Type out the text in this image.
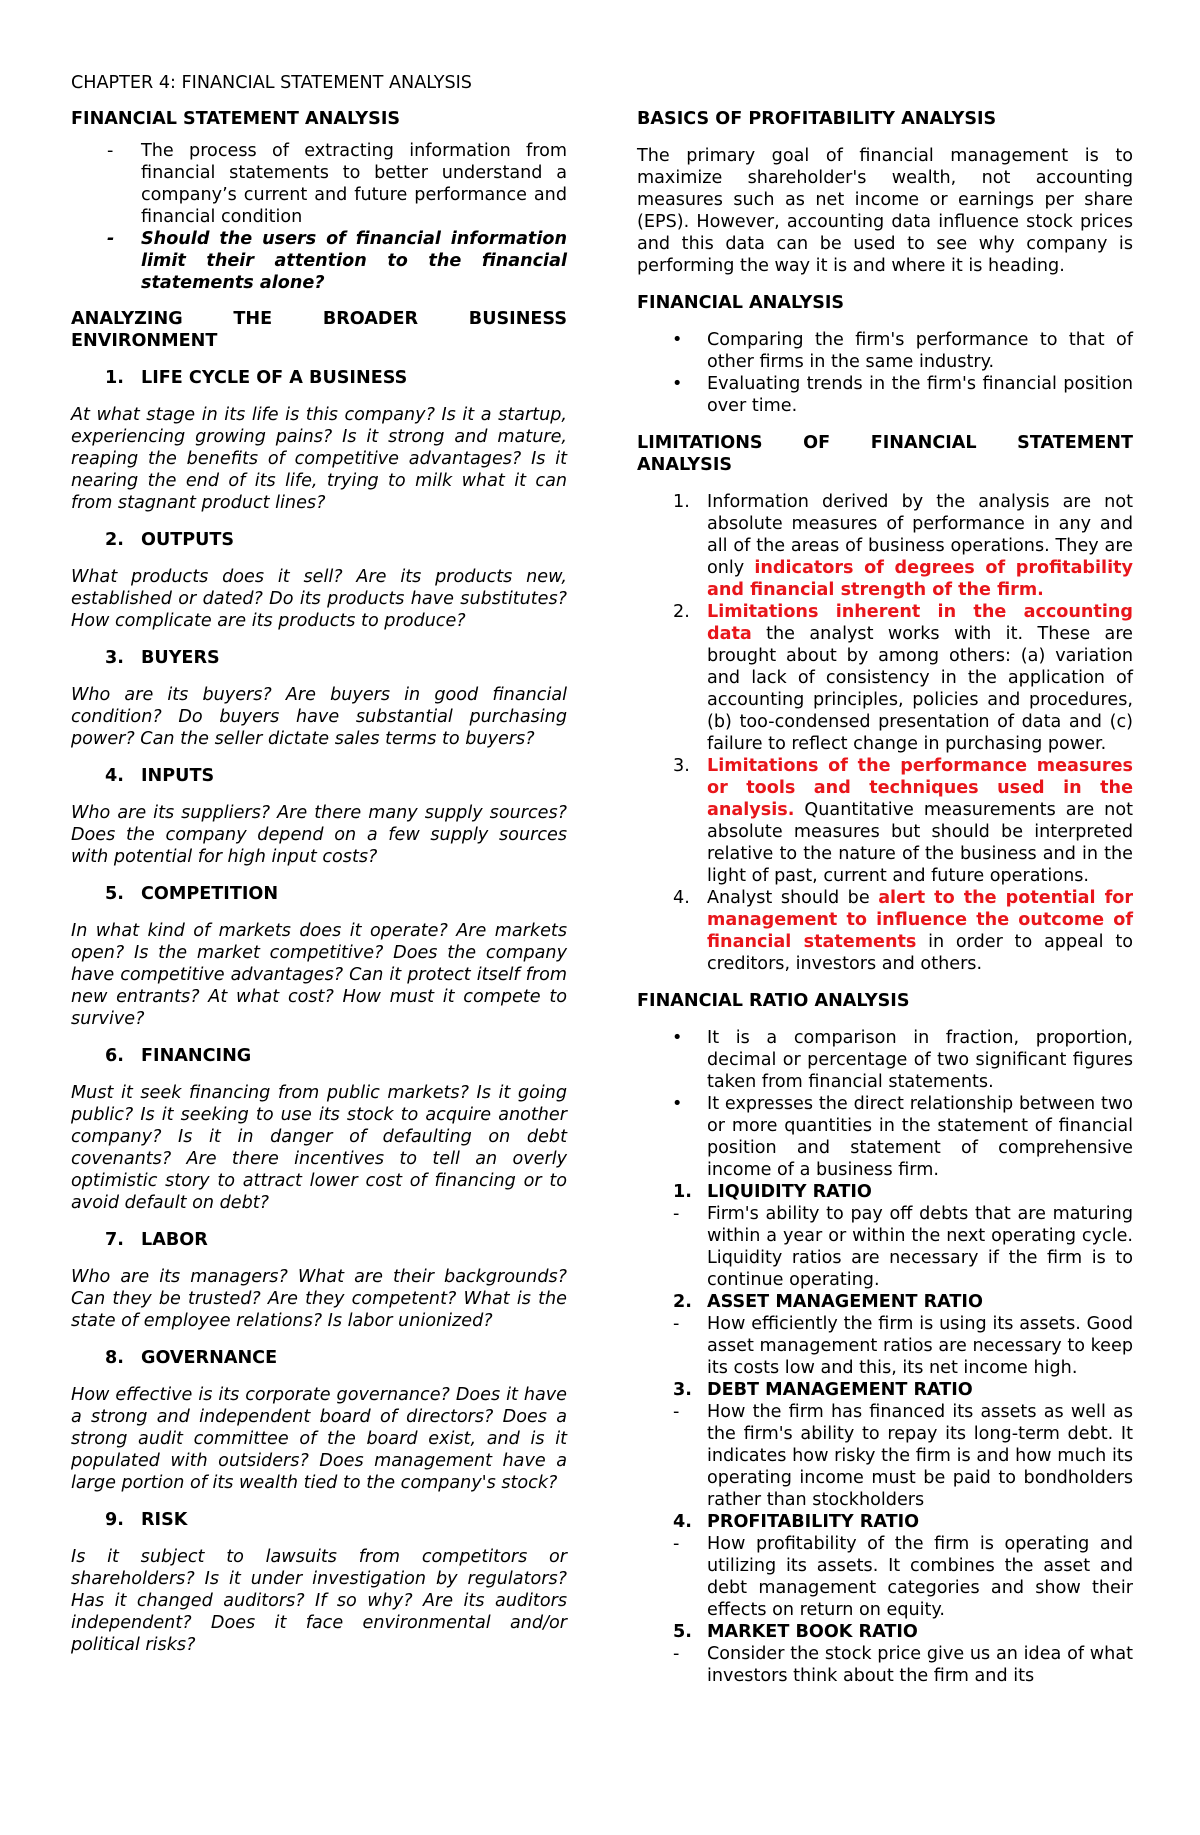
CHAPTER 4: FINANCIAL STATEMENT ANALYSIS

FINANCIAL STATEMENT ANALYSIS

- The process of extracting information from financial statements to better understand a company’s current and future performance and financial condition
- Should the users of financial information limit their attention to the financial statements alone?
ANALYZING THE BROADER BUSINESS
ENVIRONMENT
1. LIFE CYCLE OF A BUSINESS

At what stage in its life is this company? Is it a startup, experiencing growing pains? Is it strong and mature, reaping the benefits of competitive advantages? Is it nearing the end of its life, trying to milk what it can from stagnant product lines?

2. OUTPUTS

What products does it sell? Are its products new, established or dated? Do its products have substitutes? How complicate are its products to produce?

3. BUYERS

Who are its buyers? Are buyers in good financial condition? Do buyers have substantial purchasing power? Can the seller dictate sales terms to buyers?

4. INPUTS

Who are its suppliers? Are there many supply sources? Does the company depend on a few supply sources with potential for high input costs?

5. COMPETITION

In what kind of markets does it operate? Are markets open? Is the market competitive? Does the company have competitive advantages? Can it protect itself from new entrants? At what cost? How must it compete to survive?

6. FINANCING

Must it seek financing from public markets? Is it going public? Is it seeking to use its stock to acquire another company? Is it in danger of defaulting on debt covenants? Are there incentives to tell an overly optimistic story to attract lower cost of financing or to avoid default on debt?

7. LABOR

Who are its managers? What are their backgrounds? Can they be trusted? Are they competent? What is the state of employee relations? Is labor unionized?

8. GOVERNANCE

How effective is its corporate governance? Does it have a strong and independent board of directors? Does a strong audit committee of the board exist, and is it populated with outsiders? Does management have a large portion of its wealth tied to the company's stock?

9. RISK

Is it subject to lawsuits from competitors or shareholders? Is it under investigation by regulators? Has it changed auditors? If so why? Are its auditors independent? Does it face environmental and/or political risks?

BASICS OF PROFITABILITY ANALYSIS

The primary goal of financial management is to maximize shareholder's wealth, not accounting measures such as net income or earnings per share (EPS). However, accounting data influence stock prices and this data can be used to see why company is performing the way it is and where it is heading.

FINANCIAL ANALYSIS

• Comparing the firm's performance to that of other firms in the same industry.
• Evaluating trends in the firm's financial position over time.
LIMITATIONS OF FINANCIAL STATEMENT
ANALYSIS
1. Information derived by the analysis are not absolute measures of performance in any and all of the areas of business operations. They are only indicators of degrees of profitability and financial strength of the firm.
2. Limitations inherent in the accounting data the analyst works with it. These are brought about by among others: (a) variation and lack of consistency in the application of accounting principles, policies and procedures, (b) too-condensed presentation of data and (c) failure to reflect change in purchasing power.
3. Limitations of the performance measures or tools and techniques used in the analysis. Quantitative measurements are not absolute measures but should be interpreted relative to the nature of the business and in the light of past, current and future operations.
4. Analyst should be alert to the potential for management to influence the outcome of financial statements in order to appeal to creditors, investors and others.

FINANCIAL RATIO ANALYSIS

• It is a comparison in fraction, proportion, decimal or percentage of two significant figures taken from financial statements.
• It expresses the direct relationship between two or more quantities in the statement of financial position and statement of comprehensive income of a business firm.
1. LIQUIDITY RATIO
- Firm's ability to pay off debts that are maturing within a year or within the next operating cycle. Liquidity ratios are necessary if the firm is to continue operating.
2. ASSET MANAGEMENT RATIO
- How efficiently the firm is using its assets. Good asset management ratios are necessary to keep its costs low and this, its net income high.
3. DEBT MANAGEMENT RATIO
- How the firm has financed its assets as well as the firm's ability to repay its long-term debt. It indicates how risky the firm is and how much its operating income must be paid to bondholders rather than stockholders
4. PROFITABILITY RATIO
- How profitability of the firm is operating and utilizing its assets. It combines the asset and debt management categories and show their effects on return on equity.
5. MARKET BOOK RATIO
- Consider the stock price give us an idea of what investors think about the firm and its
